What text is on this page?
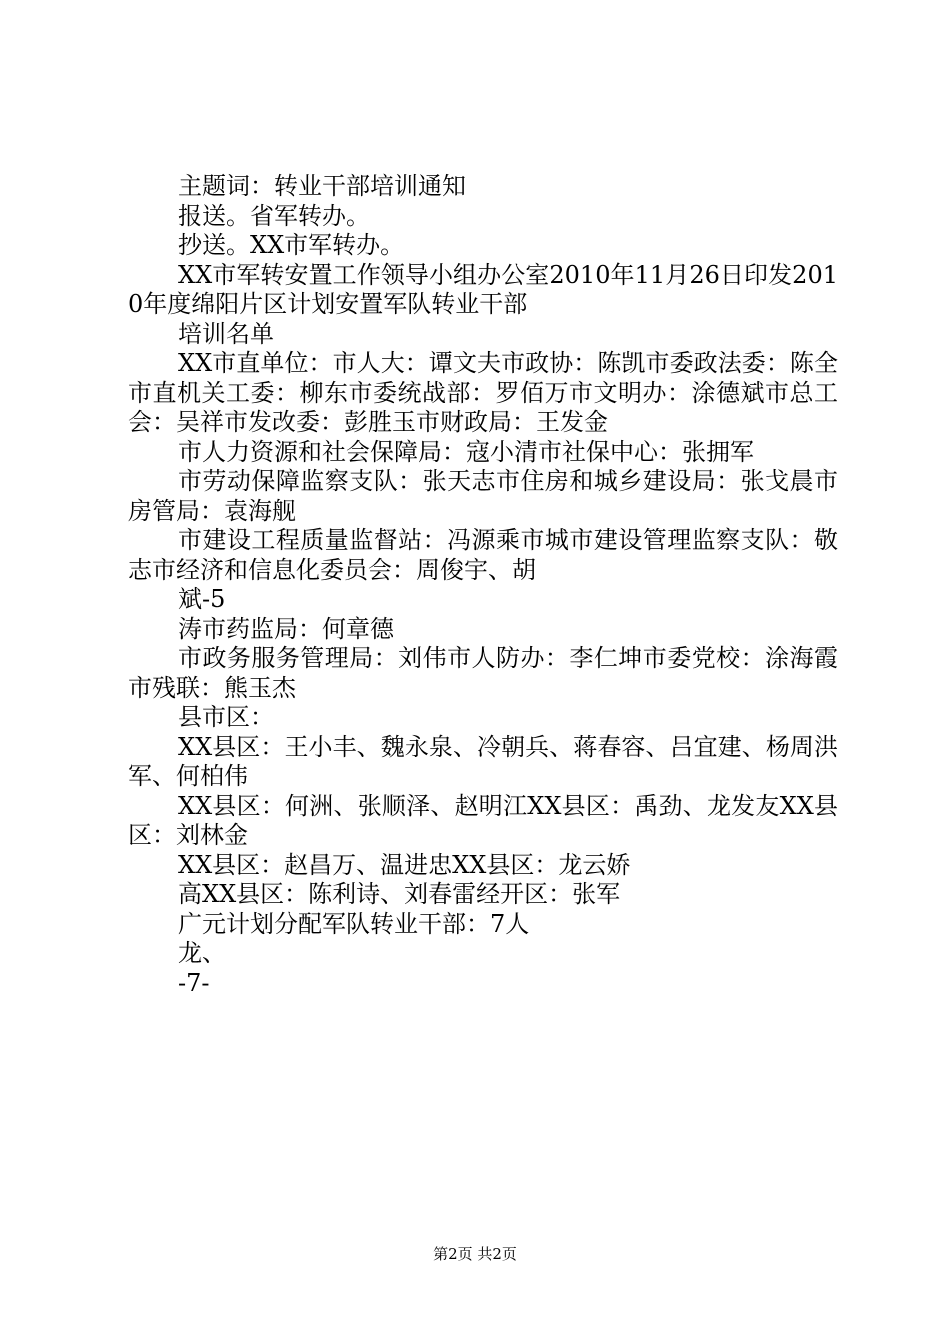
主题词：转业干部培训通知

报送。省军转办。

抄送。XX市军转办。

XX市军转安置工作领导小组办公室2010年11月26日印发2010年度绵阳片区计划安置军队转业干部

培训名单

XX市直单位：市人大：谭文夫市政协：陈凯市委政法委：陈全市直机关工委：柳东市委统战部：罗佰万市文明办：涂德斌市总工会：吴祥市发改委：彭胜玉市财政局：王发金

市人力资源和社会保障局：寇小清市社保中心：张拥军

市劳动保障监察支队：张天志市住房和城乡建设局：张戈晨市房管局：袁海舰

市建设工程质量监督站：冯源乘市城市建设管理监察支队：敬志市经济和信息化委员会：周俊宇、胡

斌-5

涛市药监局：何章德

市政务服务管理局：刘伟市人防办：李仁坤市委党校：涂海霞市残联：熊玉杰

县市区：

XX县区：王小丰、魏永泉、冷朝兵、蒋春容、吕宜建、杨周洪军、何柏伟

XX县区：何洲、张顺泽、赵明江XX县区：禹劲、龙发友XX县区：刘林金

XX县区：赵昌万、温进忠XX县区：龙云娇

高XX县区：陈利诗、刘春雷经开区：张军

广元计划分配军队转业干部：7人

龙、

-7-

第2页 共2页
